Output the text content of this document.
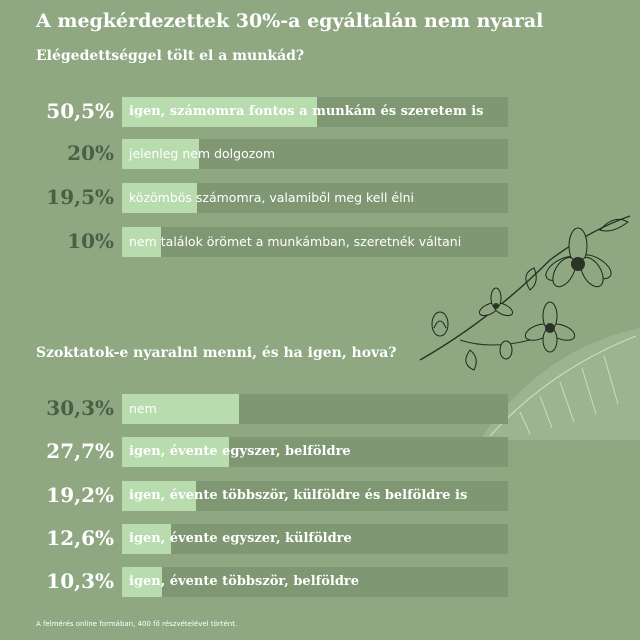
A megkérdezettek 30%-a egyáltalán nem nyaral
Elégedettséggel tölt el a munkád?
50,5% igen, számomra fontos a munkám és szeretem is
20% jelenleg nem dolgozom
19,5% közömbös számomra, valamiből meg kell élni
10% nem találok örömet a munkámban, szeretnék váltani
Szoktatok-e nyaralni menni, és ha igen, hova?
30,3% nem
27,7% igen, évente egyszer, belföldre
19,2% igen, évente többször, külföldre és belföldre is
12,6% igen, évente egyszer, külföldre
10,3% igen, évente többször, belföldre
A felmérés online formában, 400 fő részvételével történt.
